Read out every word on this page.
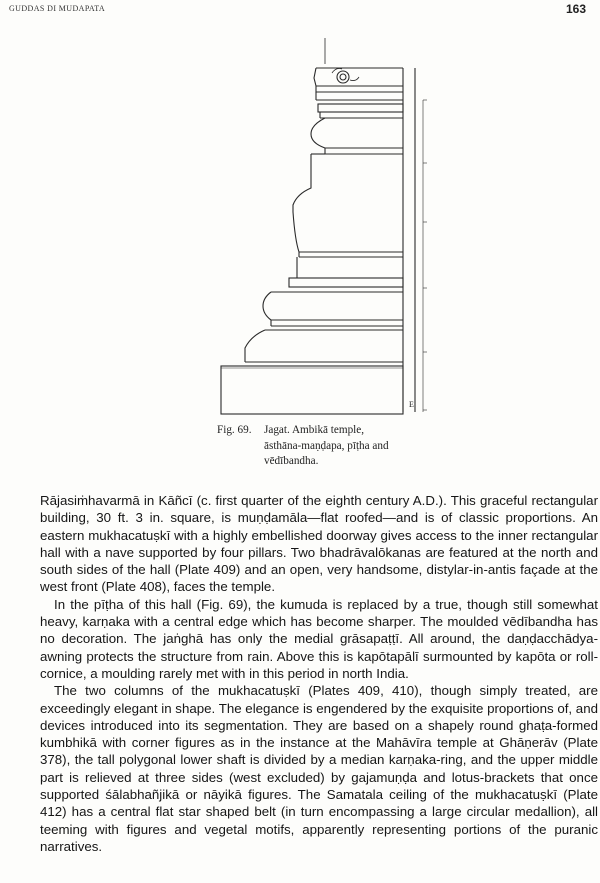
GUDDAS DI MUDAPATA	163
E
Fig. 69. Jagat. Ambikā temple,
āsthāna-maṇḍapa, pīṭha and
vēdībandha.

Rājasiṁhavarmā in Kāñcī (c. first quarter of the eighth century A.D.). This graceful rectangular building, 30 ft. 3 in. square, is muṇḍamāla—flat roofed—and is of classic proportions. An eastern mukhacatuṣkī with a highly embellished doorway gives access to the inner rectangular hall with a nave supported by four pillars. Two bhadrāvalōkanas are featured at the north and south sides of the hall (Plate 409) and an open, very handsome, distylar-in-antis façade at the west front (Plate 408), faces the temple.

In the pīṭha of this hall (Fig. 69), the kumuda is replaced by a true, though still somewhat heavy, karṇaka with a central edge which has become sharper. The moulded vēdībandha has no decoration. The jaṅghā has only the medial grāsapaṭṭī. All around, the daṇḍacchādya-awning protects the structure from rain. Above this is kapōtapālī surmounted by kapōta or roll-cornice, a moulding rarely met with in this period in north India.

The two columns of the mukhacatuṣkī (Plates 409, 410), though simply treated, are exceedingly elegant in shape. The elegance is engendered by the exquisite proportions of, and devices introduced into its segmentation. They are based on a shapely round ghaṭa-formed kumbhikā with corner figures as in the instance at the Mahāvīra temple at Ghāṇerāv (Plate 378), the tall polygonal lower shaft is divided by a median karṇaka-ring, and the upper middle part is relieved at three sides (west excluded) by gajamuṇḍa and lotus-brackets that once supported śālabhañjikā or nāyikā figures. The Samatala ceiling of the mukhacatuṣkī (Plate 412) has a central flat star shaped belt (in turn encompassing a large circular medallion), all teeming with figures and vegetal motifs, apparently representing portions of the puranic narratives.
